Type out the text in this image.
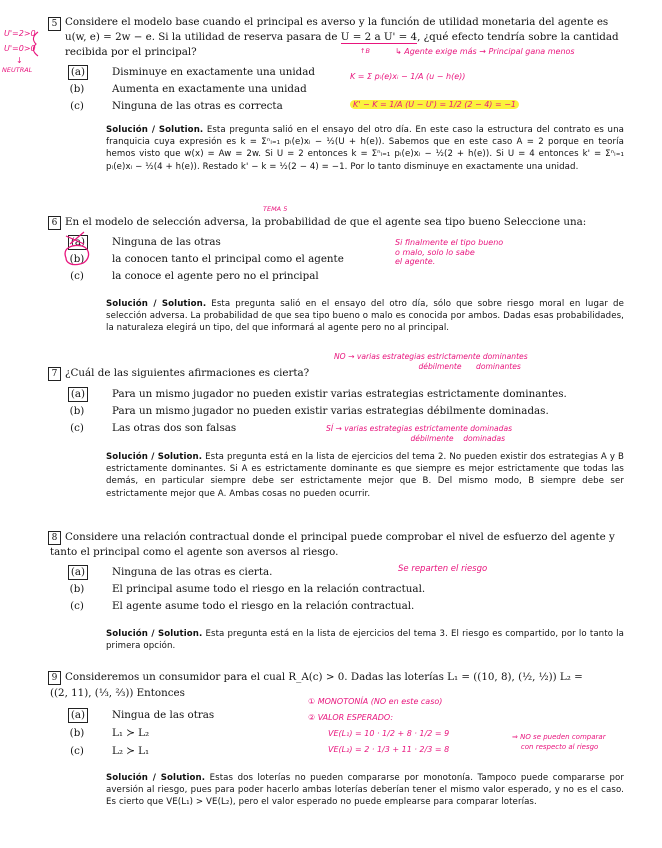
5 Considere el modelo base cuando el principal es averso y la función de utilidad monetaria del agente es
u(w, e) = 2w − e. Si la utilidad de reserva pasara de U = 2 a U' = 4, ¿qué efecto tendría sobre la cantidad
recibida por el principal?
(a)	Disminuye en exactamente una unidad
(b)	Aumenta en exactamente una unidad
(c)	Ninguna de las otras es correcta
Solución / Solution. Esta pregunta salió en el ensayo del otro día. En este caso la estructura del contrato es una franquicia cuya expresión es k = Σⁿᵢ₌₁ pᵢ(e)xᵢ − ½(U + h(e)). Sabemos que en este caso A = 2 porque en teoría hemos visto que w(x) = Aw = 2w. Si U = 2 entonces k = Σⁿᵢ₌₁ pᵢ(e)xᵢ − ½(2 + h(e)). Si U = 4 entonces k' = Σⁿᵢ₌₁ pᵢ(e)xᵢ − ½(4 + h(e)). Restado k' − k = ½(2 − 4) = −1. Por lo tanto disminuye en exactamente una unidad.
U'=2>0
U'=0>0
↓
NEUTRAL
↑B	↳ Agente exige más → Principal gana menos
K = Σ pᵢ(e)xᵢ − 1/A (u − h(e))
K' − K = 1/A (U − U') = 1/2 (2 − 4) = −1
6 En el modelo de selección adversa, la probabilidad de que el agente sea tipo bueno Seleccione una:
TEMA 5
(a)	Ninguna de las otras
(b)	la conocen tanto el principal como el agente
(c)	la conoce el agente pero no el principal
Si finalmente el tipo bueno
o malo, solo lo sabe
el agente.
Solución / Solution. Esta pregunta salió en el ensayo del otro día, sólo que sobre riesgo moral en lugar de selección adversa. La probabilidad de que sea tipo bueno o malo es conocida por ambos. Dadas esas probabilidades, la naturaleza elegirá un tipo, del que informará al agente pero no al principal.
7 ¿Cuál de las siguientes afirmaciones es cierta?
NO → varias estrategias estrictamente dominantes
débilmente      dominantes
(a)	Para un mismo jugador no pueden existir varias estrategias estrictamente dominantes.
(b)	Para un mismo jugador no pueden existir varias estrategias débilmente dominadas.
(c)	Las otras dos son falsas	SÍ → varias estrategias estrictamente dominadas
débilmente    dominadas
Solución / Solution. Esta pregunta está en la lista de ejercicios del tema 2. No pueden existir dos estrategias A y B estrictamente dominantes. Si A es estrictamente dominante es que siempre es mejor estrictamente que todas las demás, en particular siempre debe ser estrictamente mejor que B. Del mismo modo, B siempre debe ser estrictamente mejor que A. Ambas cosas no pueden ocurrir.
8 Considere una relación contractual donde el principal puede comprobar el nivel de esfuerzo del agente y
tanto el principal como el agente son aversos al riesgo.
(a)	Ninguna de las otras es cierta.	Se reparten el riesgo
(b)	El principal asume todo el riesgo en la relación contractual.
(c)	El agente asume todo el riesgo en la relación contractual.
Solución / Solution. Esta pregunta está en la lista de ejercicios del tema 3. El riesgo es compartido, por lo tanto la primera opción.
9 Consideremos un consumidor para el cual R_A(c) > 0. Dadas las loterías L₁ = ((10, 8), (½, ½)) L₂ =
((2, 11), (⅓, ⅔)) Entonces
① MONOTONÍA (NO en este caso)
② VALOR ESPERADO:
(a)	Ningua de las otras
(b)	L₁ ≻ L₂	VE(L₁) = 10 · 1/2 + 8 · 1/2 = 9
(c)	L₂ ≻ L₁	VE(L₂) = 2 · 1/3 + 11 · 2/3 = 8
⇒ NO se pueden comparar
con respecto al riesgo
Solución / Solution. Estas dos loterías no pueden compararse por monotonía. Tampoco puede compararse por aversión al riesgo, pues para poder hacerlo ambas loterías deberían tener el mismo valor esperado, y no es el caso. Es cierto que VE(L₁) > VE(L₂), pero el valor esperado no puede emplearse para comparar loterías.
